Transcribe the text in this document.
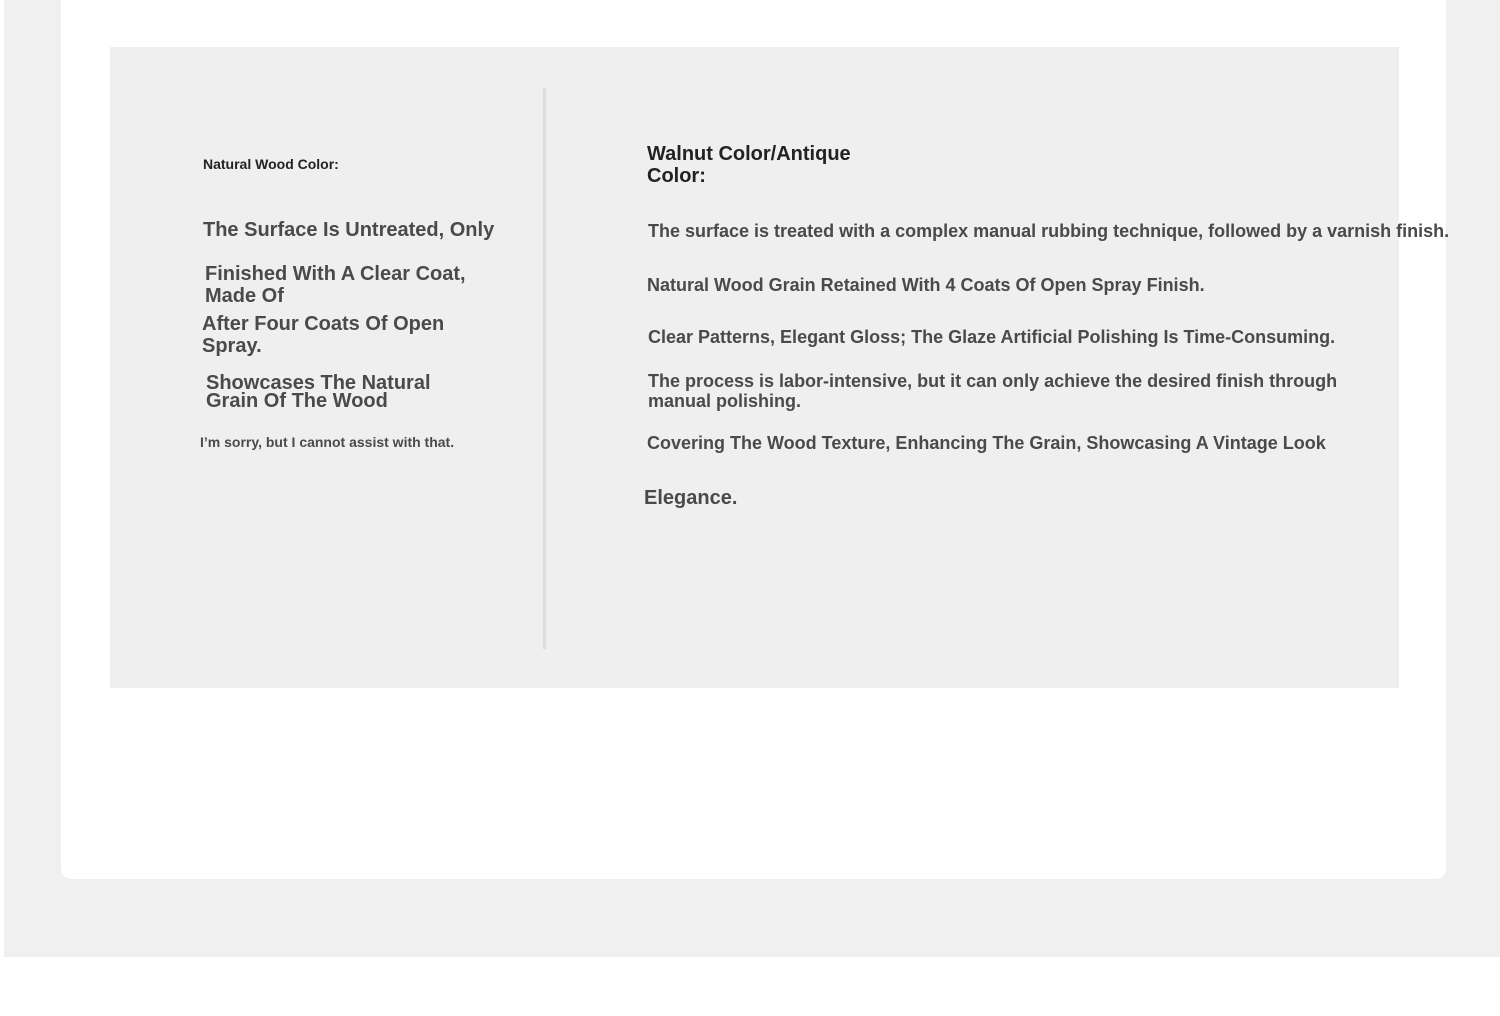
Natural Wood Color:

The Surface Is Untreated, Only

Finished With A Clear Coat,

Made Of

After Four Coats Of Open

Spray.

Showcases The Natural

Grain Of The Wood

I’m sorry, but I cannot assist with that.

Walnut Color/Antique

Color:

The surface is treated with a complex manual rubbing technique, followed by a varnish finish.

Natural Wood Grain Retained With 4 Coats Of Open Spray Finish.

Clear Patterns, Elegant Gloss; The Glaze Artificial Polishing Is Time-Consuming.

The process is labor-intensive, but it can only achieve the desired finish through

manual polishing.

Covering The Wood Texture, Enhancing The Grain, Showcasing A Vintage Look

Elegance.
